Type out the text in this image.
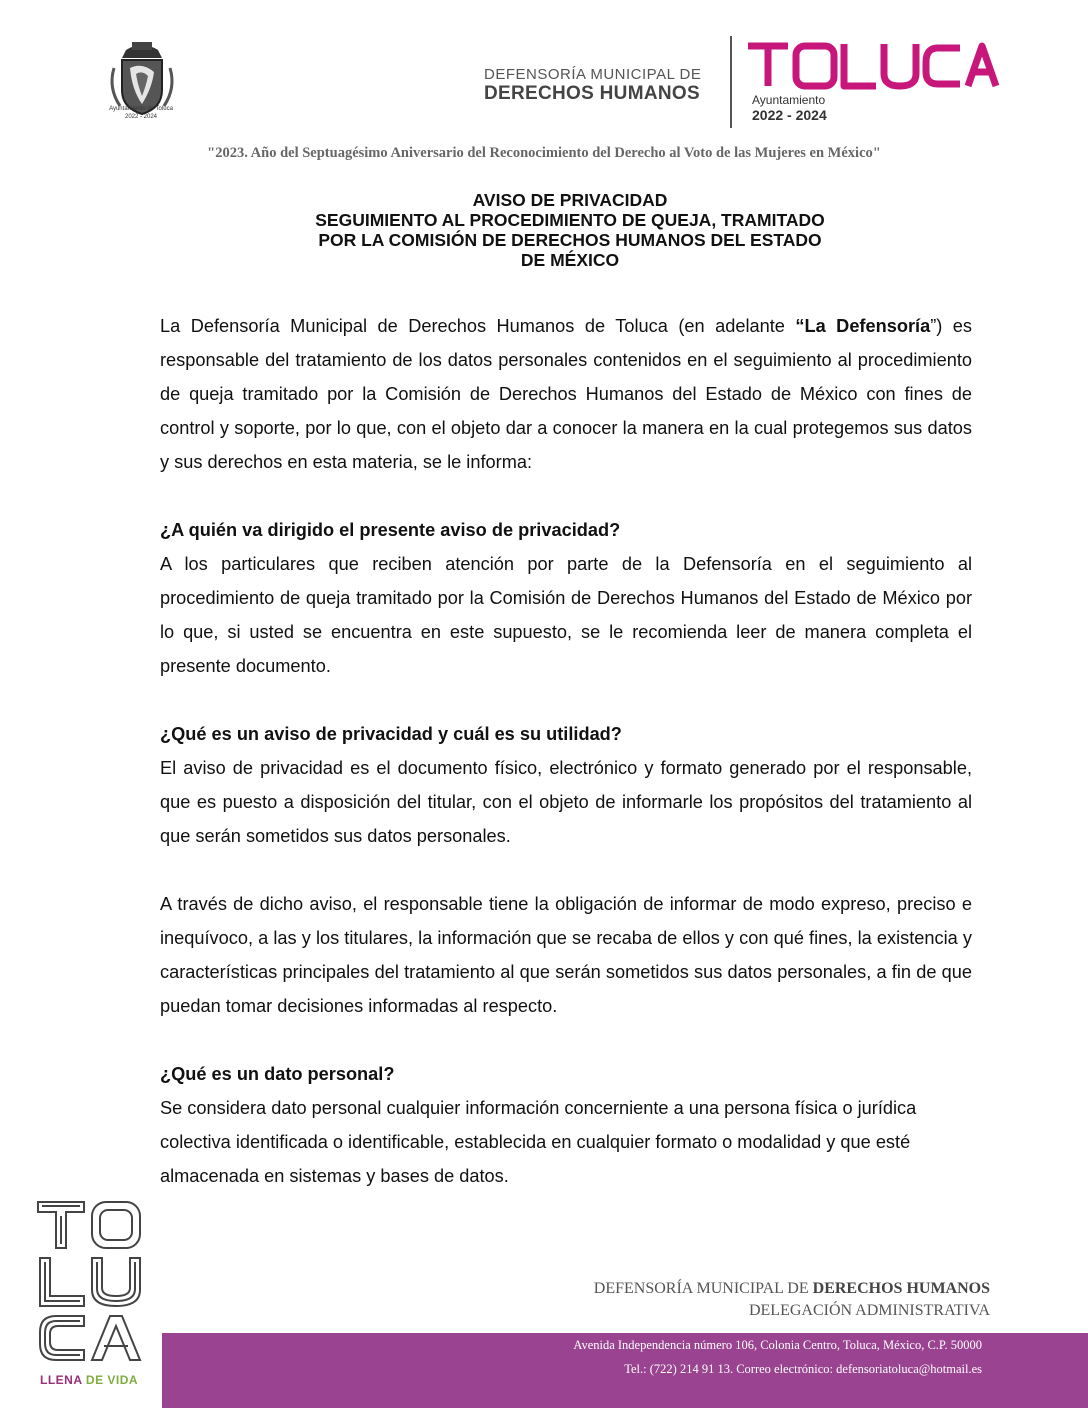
Ayuntamiento de Toluca
2022 - 2024
DEFENSORÍA MUNICIPAL DE
DERECHOS HUMANOS
TOLUCA
Ayuntamiento
2022 - 2024
"2023. Año del Septuagésimo Aniversario del Reconocimiento del Derecho al Voto de las Mujeres en México"
AVISO DE PRIVACIDAD
SEGUIMIENTO AL PROCEDIMIENTO DE QUEJA, TRAMITADO
POR LA COMISIÓN DE DERECHOS HUMANOS DEL ESTADO
DE MÉXICO

La Defensoría Municipal de Derechos Humanos de Toluca (en adelante “La Defensoría”) es responsable del tratamiento de los datos personales contenidos en el seguimiento al procedimiento de queja tramitado por la Comisión de Derechos Humanos del Estado de México con fines de control y soporte, por lo que, con el objeto dar a conocer la manera en la cual protegemos sus datos y sus derechos en esta materia, se le informa:

¿A quién va dirigido el presente aviso de privacidad?

A los particulares que reciben atención por parte de la Defensoría en el seguimiento al procedimiento de queja tramitado por la Comisión de Derechos Humanos del Estado de México por lo que, si usted se encuentra en este supuesto, se le recomienda leer de manera completa el presente documento.

¿Qué es un aviso de privacidad y cuál es su utilidad?

El aviso de privacidad es el documento físico, electrónico y formato generado por el responsable, que es puesto a disposición del titular, con el objeto de informarle los propósitos del tratamiento al que serán sometidos sus datos personales.

A través de dicho aviso, el responsable tiene la obligación de informar de modo expreso, preciso e inequívoco, a las y los titulares, la información que se recaba de ellos y con qué fines, la existencia y características principales del tratamiento al que serán sometidos sus datos personales, a fin de que puedan tomar decisiones informadas al respecto.

¿Qué es un dato personal?

Se considera dato personal cualquier información concerniente a una persona física o jurídica colectiva identificada o identificable, establecida en cualquier formato o modalidad y que esté almacenada en sistemas y bases de datos.

TOLUCA
LLENA DE VIDA
DEFENSORÍA MUNICIPAL DE DERECHOS HUMANOS
DELEGACIÓN ADMINISTRATIVA
Avenida Independencia número 106, Colonia Centro, Toluca, México, C.P. 50000
Tel.: (722) 214 91 13. Correo electrónico: defensoriatoluca@hotmail.es
